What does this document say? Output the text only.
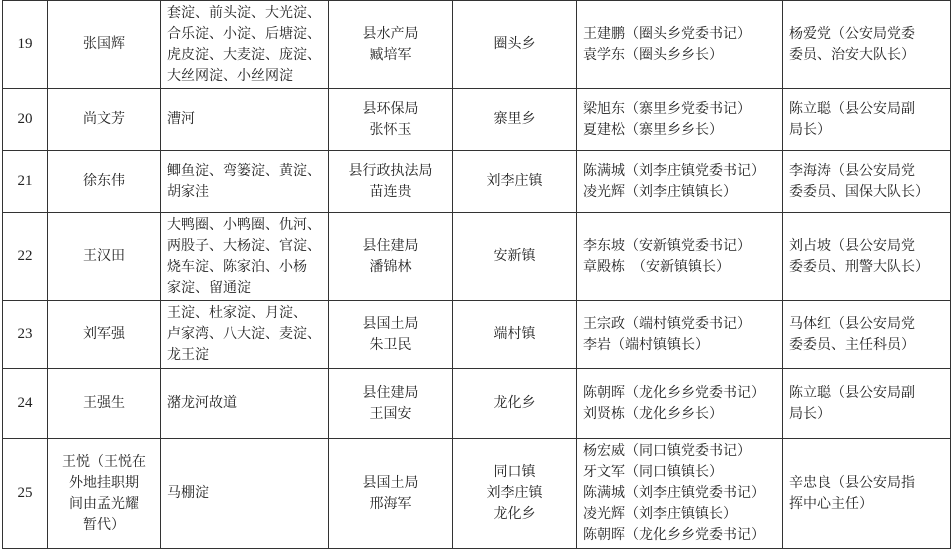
19	张国辉	套淀、前头淀、大光淀、
合乐淀、小淀、后塘淀、
虎皮淀、大麦淀、庞淀、
大丝网淀、小丝网淀	县水产局
臧培军	圈头乡	王建鹏（圈头乡党委书记）
袁学东（圈头乡乡长）	杨爱党（公安局党委
委员、治安大队长）

20	尚文芳	漕河	县环保局
张怀玉	寨里乡	梁旭东（寨里乡党委书记）
夏建松（寨里乡乡长）	陈立聪（县公安局副
局长）

21	徐东伟	鲫鱼淀、弯篓淀、黄淀、
胡家洼	县行政执法局
苗连贵	刘李庄镇	陈满城（刘李庄镇党委书记）
凌光辉（刘李庄镇镇长）	李海涛（县公安局党
委委员、国保大队长）

22	王汉田	大鸭圈、小鸭圈、仇河、
两股子、大杨淀、官淀、
烧车淀、陈家泊、小杨
家淀、留通淀	县住建局
潘锦林	安新镇	李东坡（安新镇党委书记）
章殿栋　（安新镇镇长）	刘占坡（县公安局党
委委员、刑警大队长）

23	刘军强	王淀、杜家淀、月淀、
卢家湾、八大淀、麦淀、
龙王淀	县国土局
朱卫民	端村镇	王宗政（端村镇党委书记）
李岩（端村镇镇长）	马体红（县公安局党
委委员、主任科员）

24	王强生	潴龙河故道	县住建局
王国安	龙化乡	陈朝晖（龙化乡乡党委书记）
刘贤栋（龙化乡乡长）	陈立聪（县公安局副
局长）

25	王悦（王悦在
外地挂职期
间由孟光耀
暂代）	马棚淀	县国土局
邢海军	同口镇
刘李庄镇
龙化乡	杨宏威（同口镇党委书记）
牙文军（同口镇镇长）
陈满城（刘李庄镇党委书记）
凌光辉（刘李庄镇镇长）
陈朝晖（龙化乡乡党委书记）	辛忠良（县公安局指
挥中心主任）
